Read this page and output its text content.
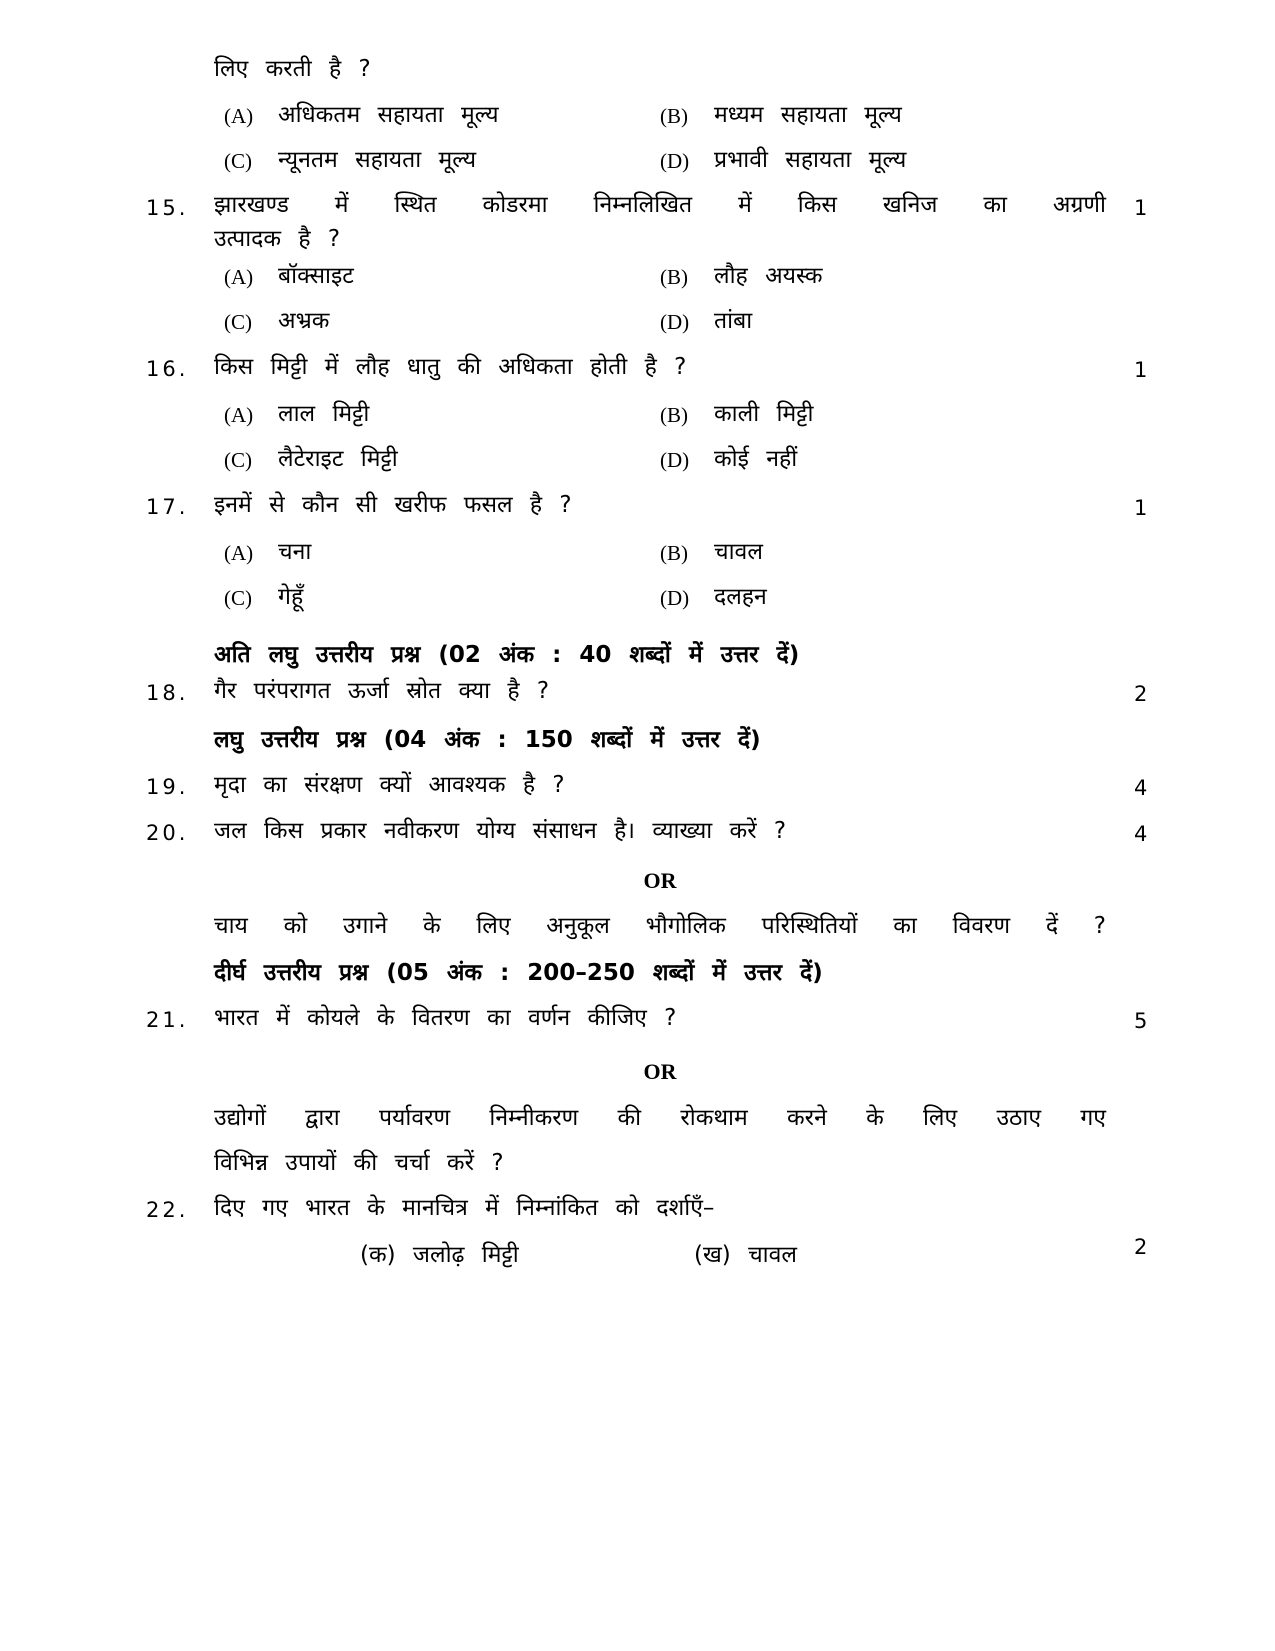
लिए करती है ?
(A) अधिकतम सहायता मूल्य	(B) मध्यम सहायता मूल्य
(C) न्यूनतम सहायता मूल्य	(D) प्रभावी सहायता मूल्य
15. झारखण्ड में स्थित कोडरमा निम्नलिखित में किस खनिज का अग्रणी 1
उत्पादक है ?
(A) बॉक्साइट	(B) लौह अयस्क
(C) अभ्रक	(D) तांबा
16. किस मिट्टी में लौह धातु की अधिकता होती है ?	1
(A) लाल मिट्टी	(B) काली मिट्टी
(C) लैटेराइट मिट्टी	(D) कोई नहीं
17. इनमें से कौन सी खरीफ फसल है ?	1
(A) चना	(B) चावल
(C) गेहूँ	(D) दलहन
अति लघु उत्तरीय प्रश्न (02 अंक : 40 शब्दों में उत्तर दें)
18. गैर परंपरागत ऊर्जा स्रोत क्या है ?	2
लघु उत्तरीय प्रश्न (04 अंक : 150 शब्दों में उत्तर दें)
19. मृदा का संरक्षण क्यों आवश्यक है ?	4
20. जल किस प्रकार नवीकरण योग्य संसाधन है। व्याख्या करें ?	4
OR
चाय को उगाने के लिए अनुकूल भौगोलिक परिस्थितियों का विवरण दें ?
दीर्घ उत्तरीय प्रश्न (05 अंक : 200–250 शब्दों में उत्तर दें)
21. भारत में कोयले के वितरण का वर्णन कीजिए ?	5
OR
उद्योगों द्वारा पर्यावरण निम्नीकरण की रोकथाम करने के लिए उठाए गए
विभिन्न उपायों की चर्चा करें ?
22. दिए गए भारत के मानचित्र में निम्नांकित को दर्शाएँ–
2
(क) जलोढ़ मिट्टी	(ख) चावल
